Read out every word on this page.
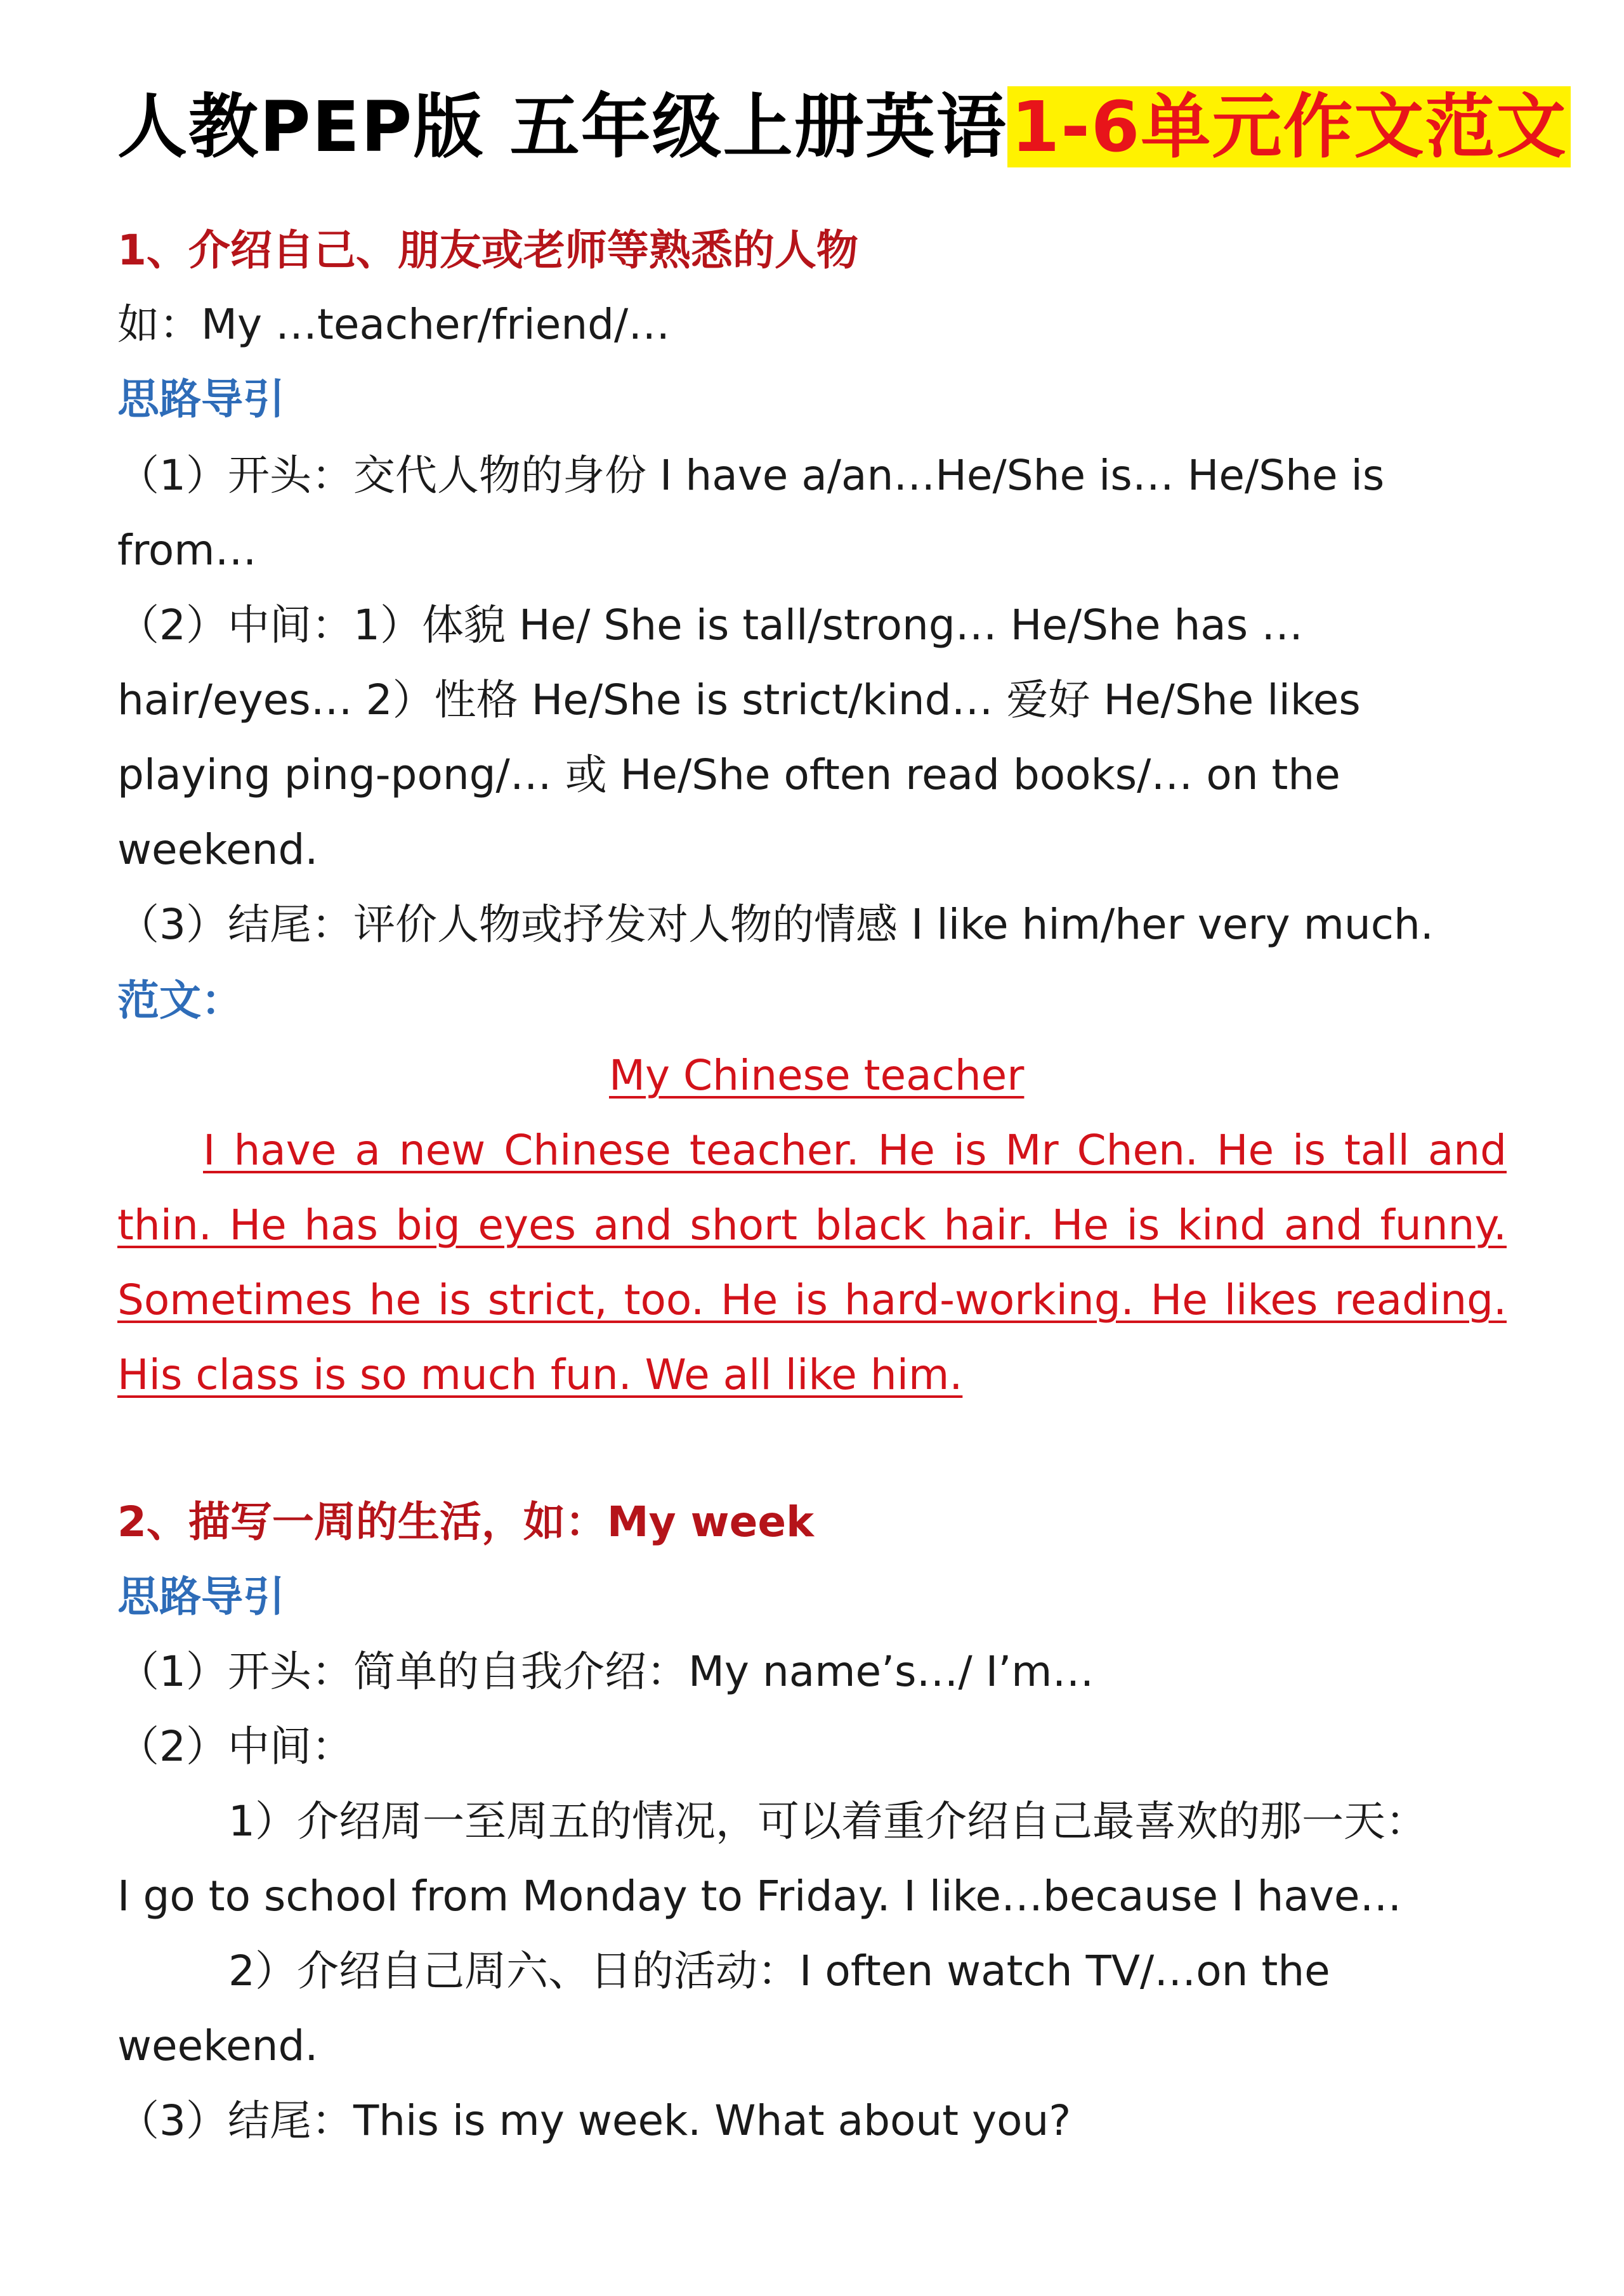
人教PEP版 五年级上册英语1-6单元作文范文
1、介绍自己、朋友或老师等熟悉的人物
如：My …teacher/friend/…
思路导引
（1）开头：交代人物的身份 I have a/an…He/She is… He/She is
from…
（2）中间：1）体貌 He/ She is tall/strong… He/She has …
hair/eyes… 2）性格 He/She is strict/kind… 爱好 He/She likes
playing ping-pong/… 或 He/She often read books/… on the
weekend.
（3）结尾：评价人物或抒发对人物的情感 I like him/her very much.
范文：
My Chinese teacher
I have a new Chinese teacher. He is Mr Chen. He is tall and
thin. He has big eyes and short black hair. He is kind and funny.
Sometimes he is strict, too. He is hard-working. He likes reading.
His class is so much fun. We all like him.
2、描写一周的生活，如：My week
思路导引
（1）开头：简单的自我介绍：My name’s…/ I’m…
（2）中间：
1）介绍周一至周五的情况，可以着重介绍自己最喜欢的那一天：
I go to school from Monday to Friday. I like…because I have…
2）介绍自己周六、日的活动：I often watch TV/…on the
weekend.
（3）结尾：This is my week. What about you?
